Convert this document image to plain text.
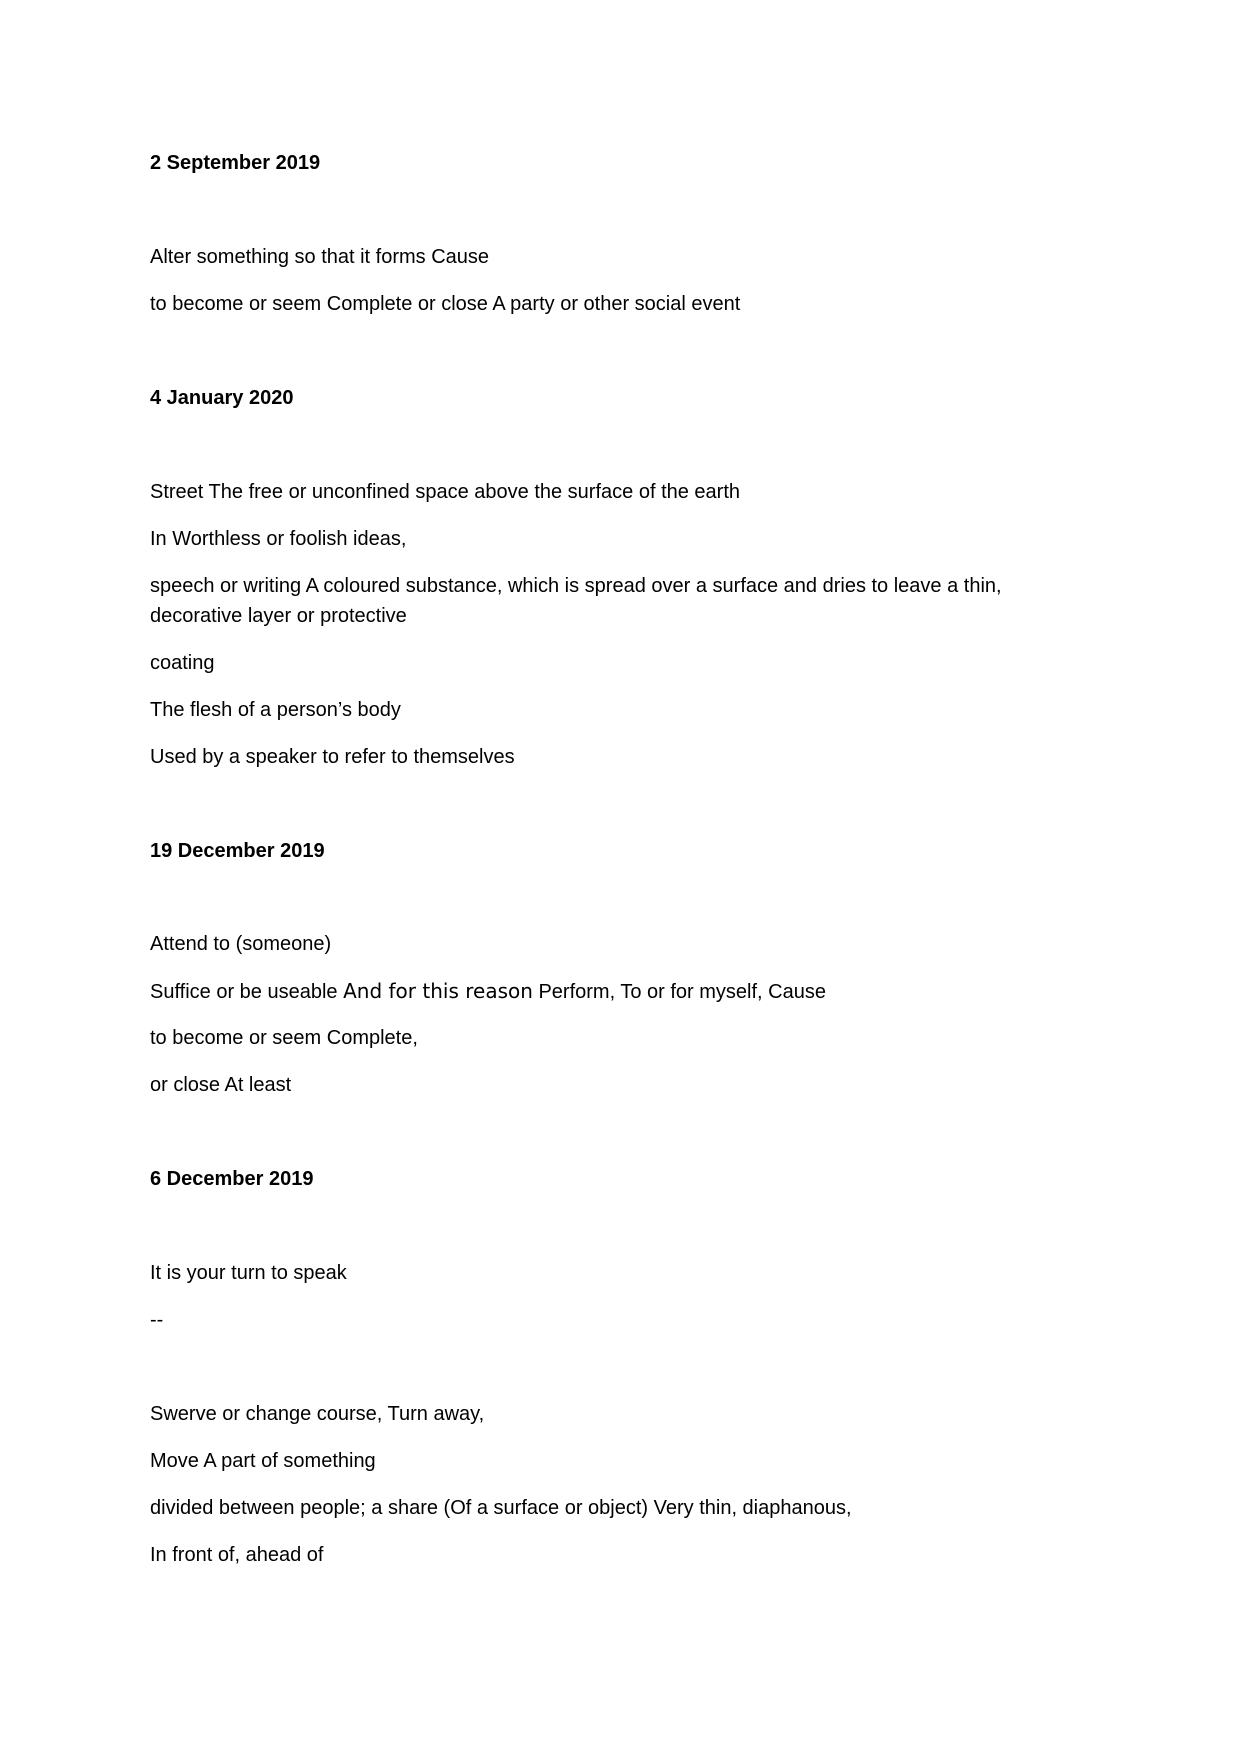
2 September 2019

Alter something so that it forms Cause

to become or seem Complete or close A party or other social event

4 January 2020

Street The free or unconfined space above the surface of the earth

In Worthless or foolish ideas,

speech or writing A coloured substance, which is spread over a surface and dries to leave a thin,

decorative layer or protective

coating

The flesh of a person’s body

Used by a speaker to refer to themselves

19 December 2019

Attend to (someone)

Suffice or be useable And for this reason Perform, To or for myself, Cause

to become or seem Complete,

or close At least

6 December 2019

It is your turn to speak

--

Swerve or change course, Turn away,

Move A part of something

divided between people; a share (Of a surface or object) Very thin, diaphanous,

In front of, ahead of
